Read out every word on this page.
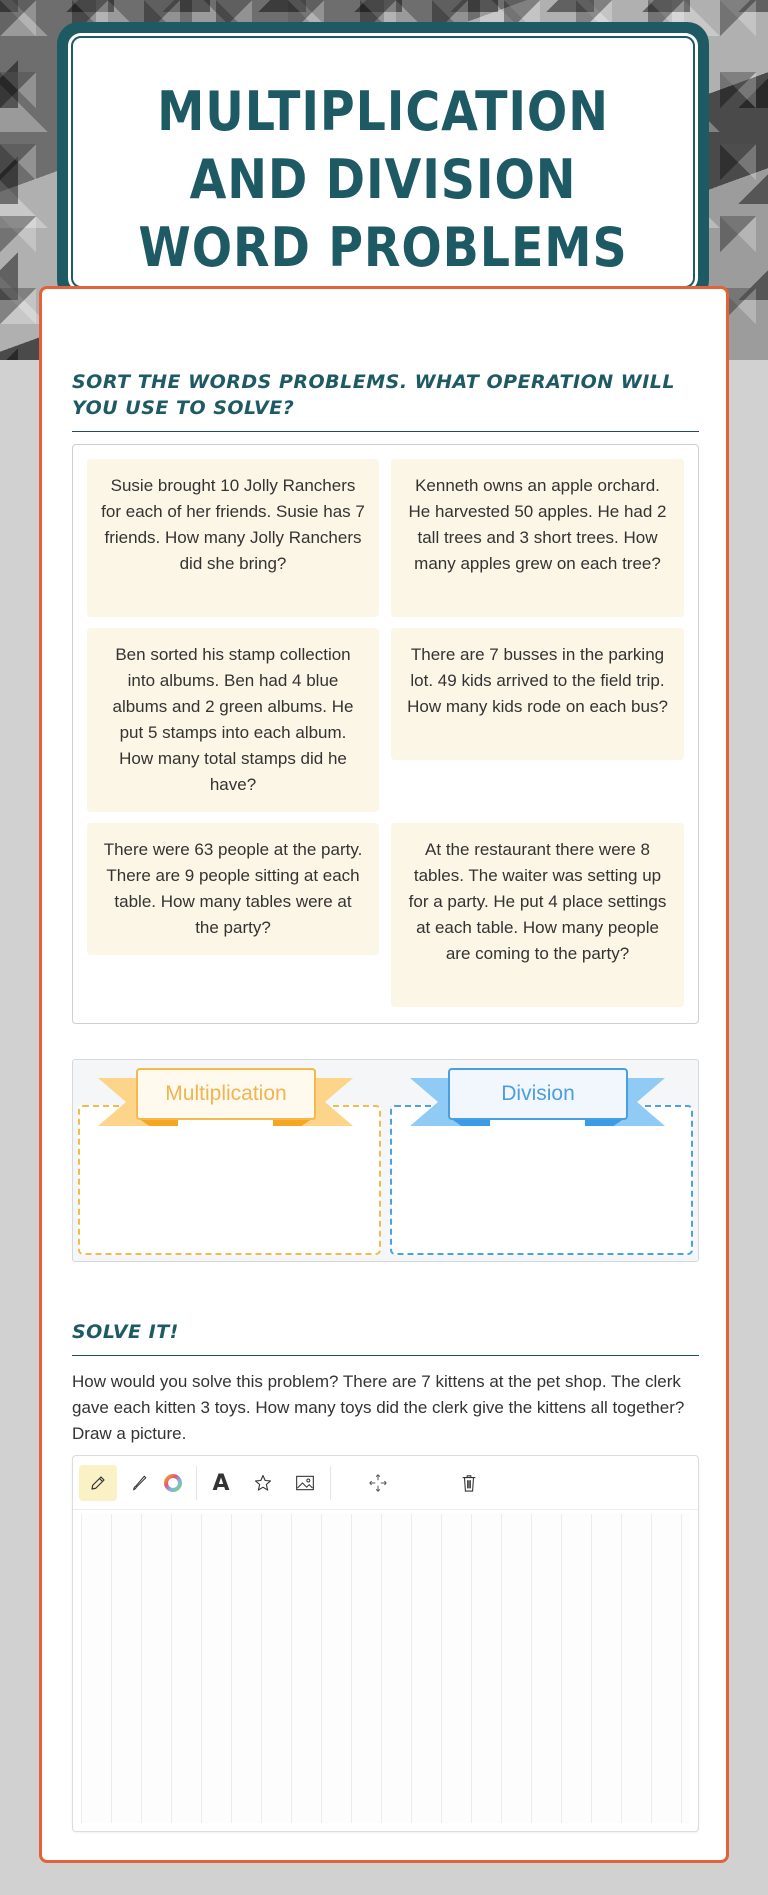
MULTIPLICATION AND DIVISION WORD PROBLEMS
SORT THE WORDS PROBLEMS. WHAT OPERATION WILL YOU USE TO SOLVE?
Susie brought 10 Jolly Ranchers for each of her friends. Susie has 7 friends. How many Jolly Ranchers did she bring?
Kenneth owns an apple orchard. He harvested 50 apples. He had 2 tall trees and 3 short trees. How many apples grew on each tree?
Ben sorted his stamp collection into albums. Ben had 4 blue albums and 2 green albums. He put 5 stamps into each album. How many total stamps did he have?
There are 7 busses in the parking lot. 49 kids arrived to the field trip. How many kids rode on each bus?
There were 63 people at the party. There are 9 people sitting at each table. How many tables were at the party?
At the restaurant there were 8 tables. The waiter was setting up for a party. He put 4 place settings at each table. How many people are coming to the party?
Multiplication	Division
SOLVE IT!
How would you solve this problem? There are 7 kittens at the pet shop. The clerk gave each kitten 3 toys. How many toys did the clerk give the kittens all together? Draw a picture.
A
